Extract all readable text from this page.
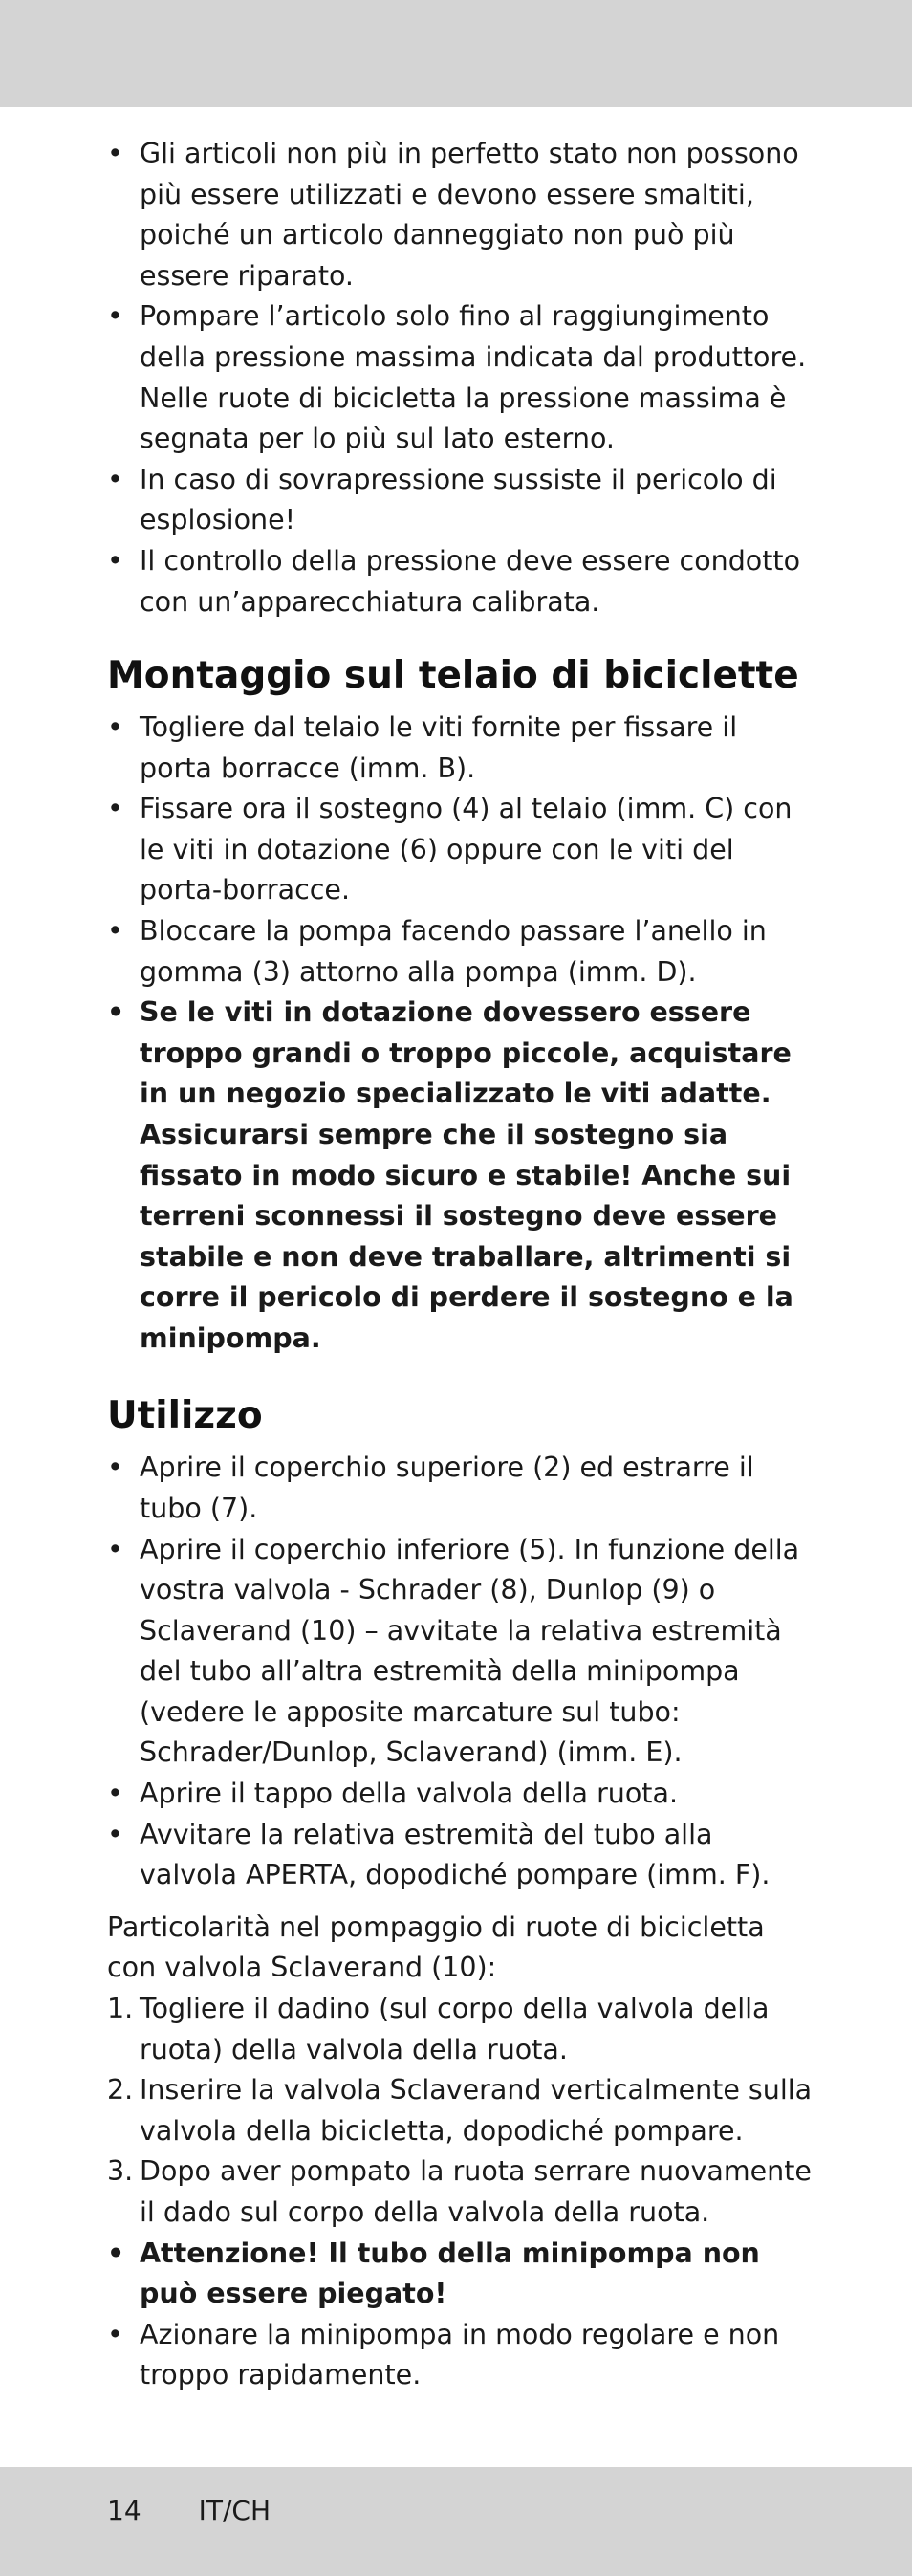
• Gli articoli non più in perfetto stato non possono più essere utilizzati e devono essere smaltiti, poiché un articolo danneggiato non può più essere riparato.
• Pompare l’articolo solo fino al raggiungimento della pressione massima indicata dal produttore. Nelle ruote di bicicletta la pressione massima è segnata per lo più sul lato esterno.
• In caso di sovrapressione sussiste il pericolo di esplosione!
• Il controllo della pressione deve essere condotto con un’apparecchiatura calibrata.
Montaggio sul telaio di biciclette
• Togliere dal telaio le viti fornite per fissare il porta borracce (imm. B).
• Fissare ora il sostegno (4) al telaio (imm. C) con le viti in dotazione (6) oppure con le viti del porta-borracce.
• Bloccare la pompa facendo passare l’anello in gomma (3) attorno alla pompa (imm. D).
• Se le viti in dotazione dovessero essere troppo grandi o troppo piccole, acquistare in un negozio specializzato le viti adatte. Assicurarsi sempre che il sostegno sia fissato in modo sicuro e stabile! Anche sui terreni sconnessi il sostegno deve essere stabile e non deve traballare, altrimenti si corre il pericolo di perdere il sostegno e la minipompa.
Utilizzo
• Aprire il coperchio superiore (2) ed estrarre il tubo (7).
• Aprire il coperchio inferiore (5). In funzione della vostra valvola - Schrader (8), Dunlop (9) o Sclaverand (10) – avvitate la relativa estremità del tubo all’altra estremità della minipompa (vedere le apposite marcature sul tubo: Schrader/Dunlop, Sclaverand) (imm. E).
• Aprire il tappo della valvola della ruota.
• Avvitare la relativa estremità del tubo alla valvola APERTA, dopodiché pompare (imm. F).

Particolarità nel pompaggio di ruote di bicicletta con valvola Sclaverand (10):

1. Togliere il dadino (sul corpo della valvola della ruota) della valvola della ruota.
2. Inserire la valvola Sclaverand verticalmente sulla valvola della bicicletta, dopodiché pompare.
3. Dopo aver pompato la ruota serrare nuovamente il dado sul corpo della valvola della ruota.
• Attenzione! Il tubo della minipompa non può essere piegato!
• Azionare la minipompa in modo regolare e non troppo rapidamente.
14 IT/CH
